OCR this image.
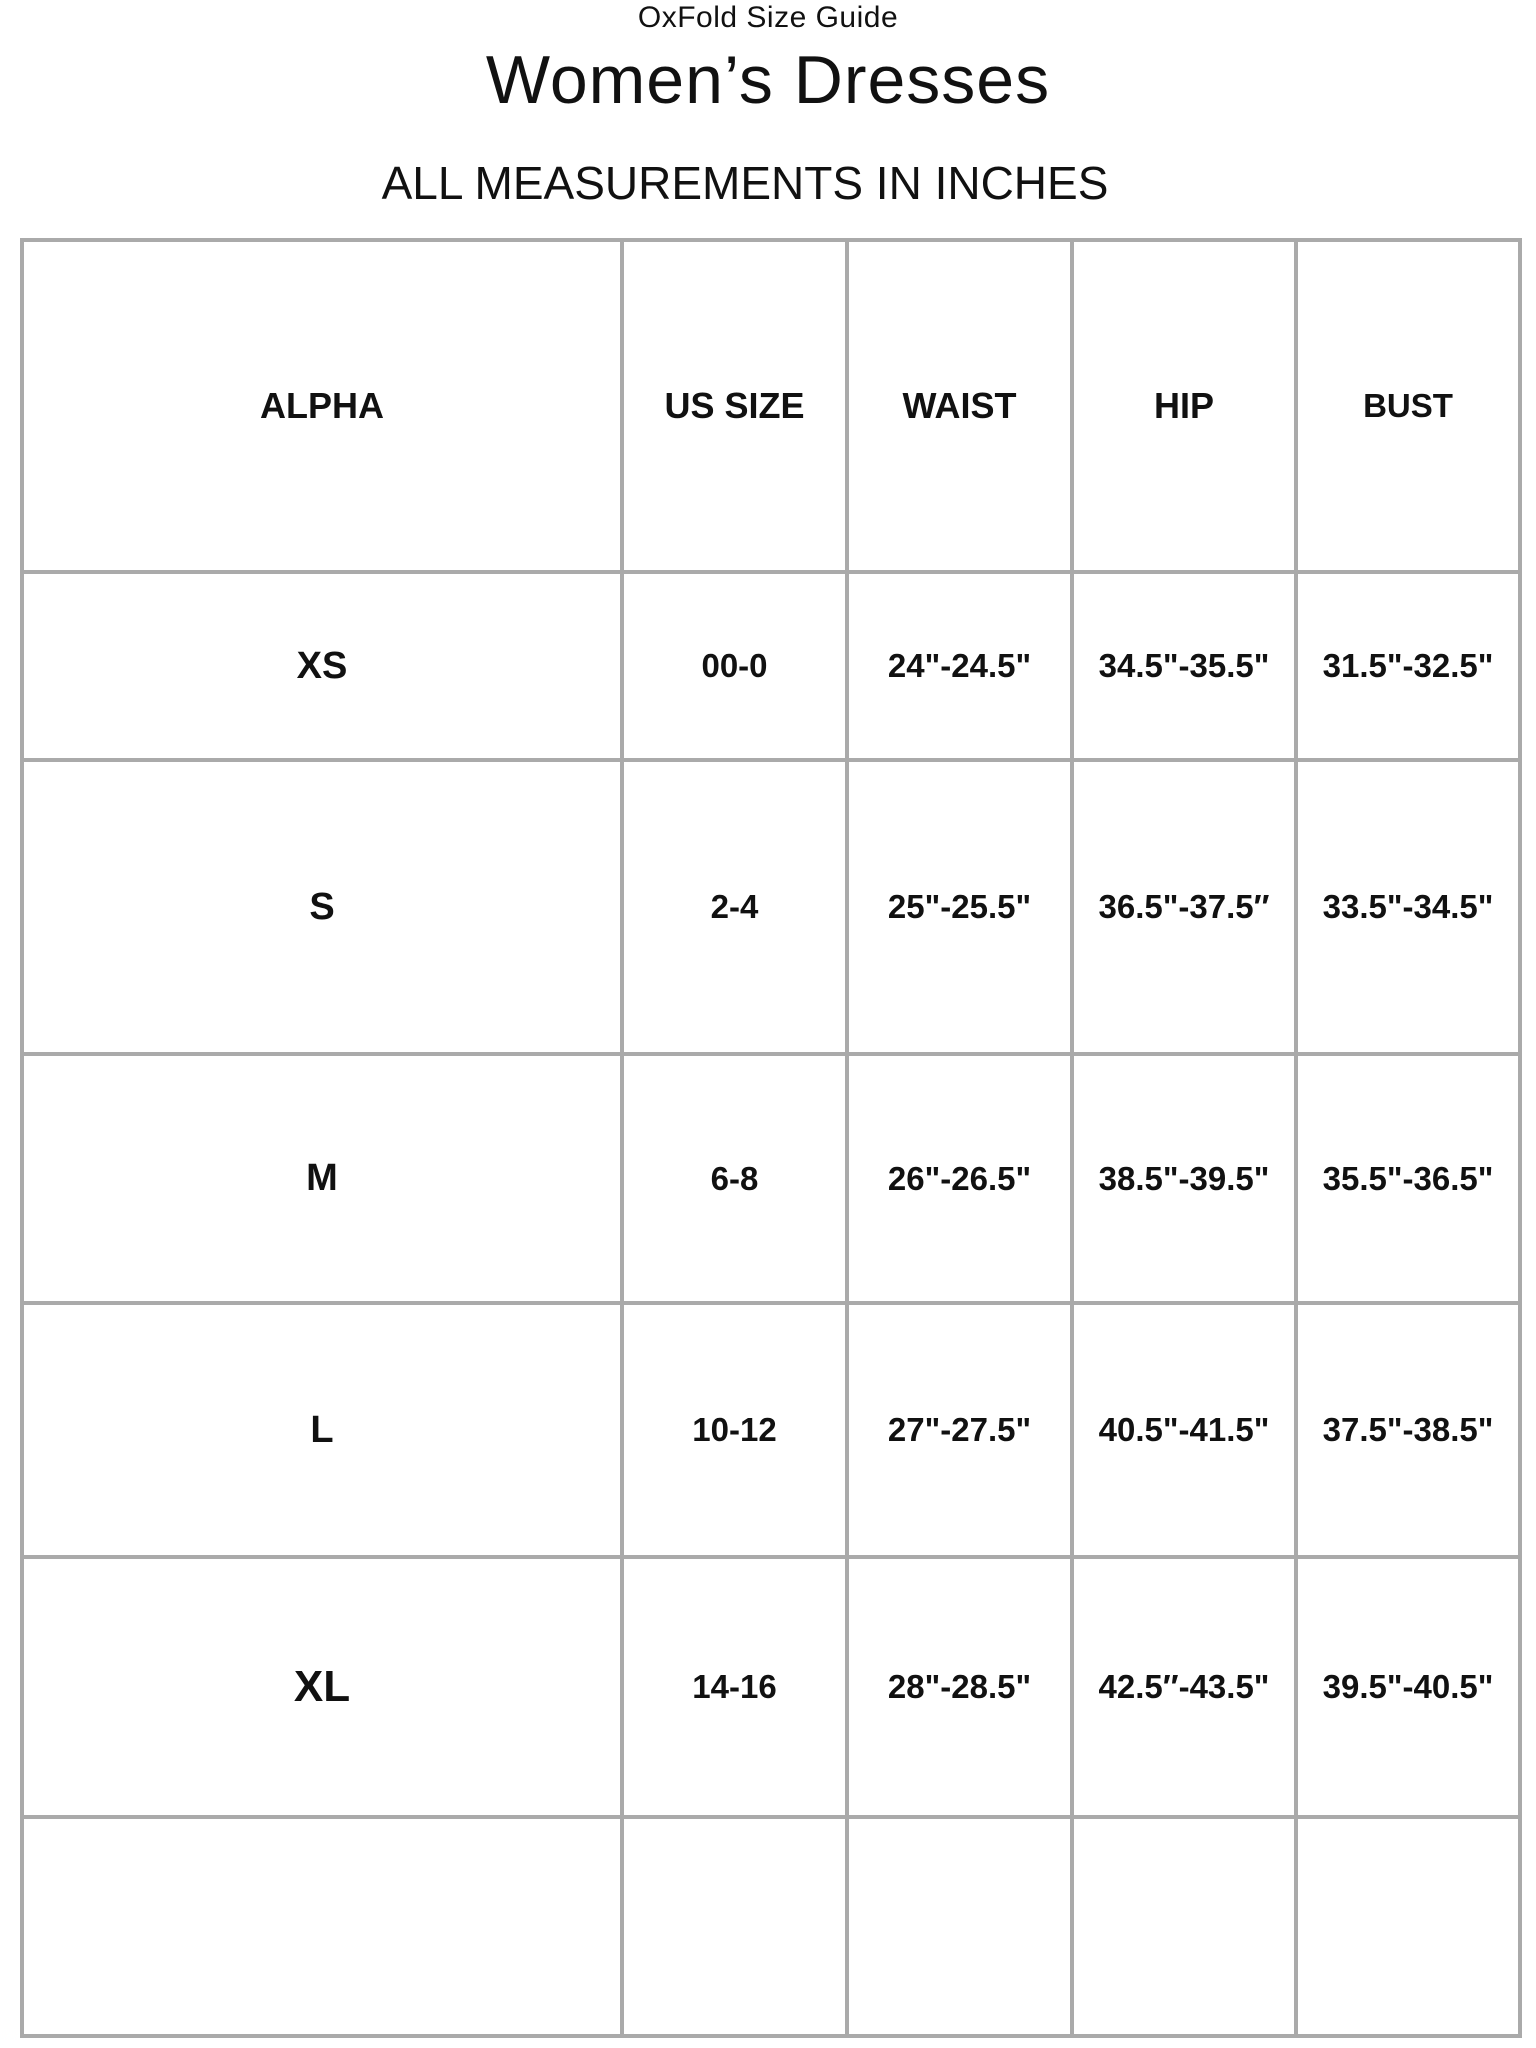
OxFold Size Guide
Women’s Dresses
ALL MEASUREMENTS IN INCHES
ALPHA	US SIZE	WAIST	HIP	BUST
XS	00-0	24"-24.5"	34.5"-35.5"	31.5"-32.5"
S	2-4	25"-25.5"	36.5"-37.5″	33.5"-34.5"
M	6-8	26"-26.5"	38.5"-39.5"	35.5"-36.5"
L	10-12	27"-27.5"	40.5"-41.5"	37.5"-38.5"
XL	14-16	28"-28.5"	42.5″-43.5"	39.5"-40.5"
